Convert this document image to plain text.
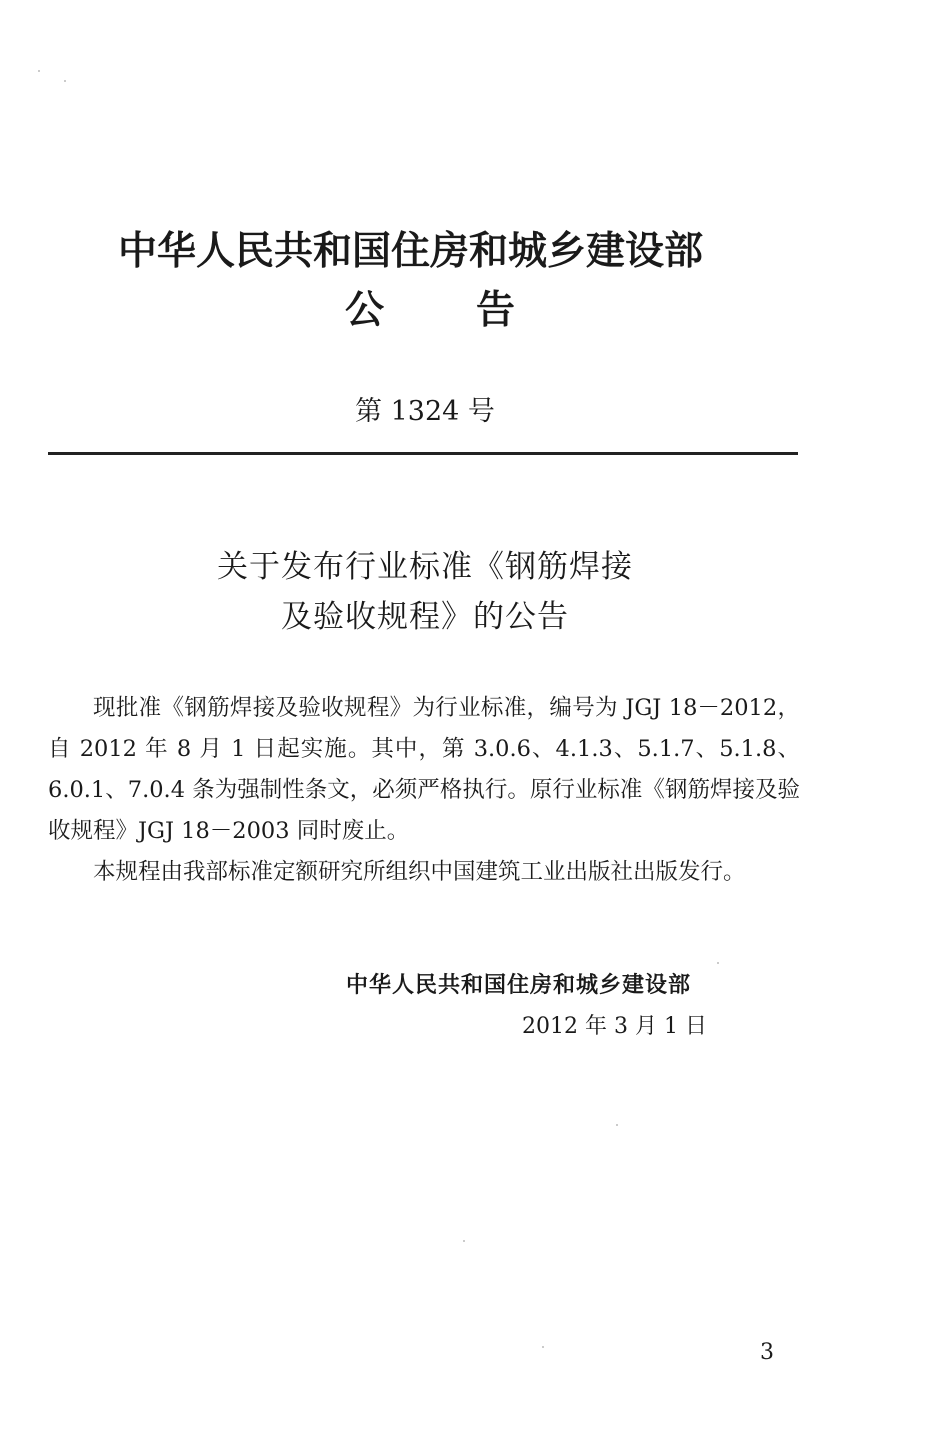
中华人民共和国住房和城乡建设部
公 告
第 1324 号
关于发布行业标准《钢筋焊接
及验收规程》的公告

现批准《钢筋焊接及验收规程》为行业标准，编号为 JGJ 18－2012，自 2012 年 8 月 1 日起实施。其中，第 3.0.6、4.1.3、5.1.7、5.1.8、6.0.1、7.0.4 条为强制性条文，必须严格执行。原行业标准《钢筋焊接及验收规程》JGJ 18－2003 同时废止。

本规程由我部标准定额研究所组织中国建筑工业出版社出版发行。

中华人民共和国住房和城乡建设部
2012 年 3 月 1 日
3
